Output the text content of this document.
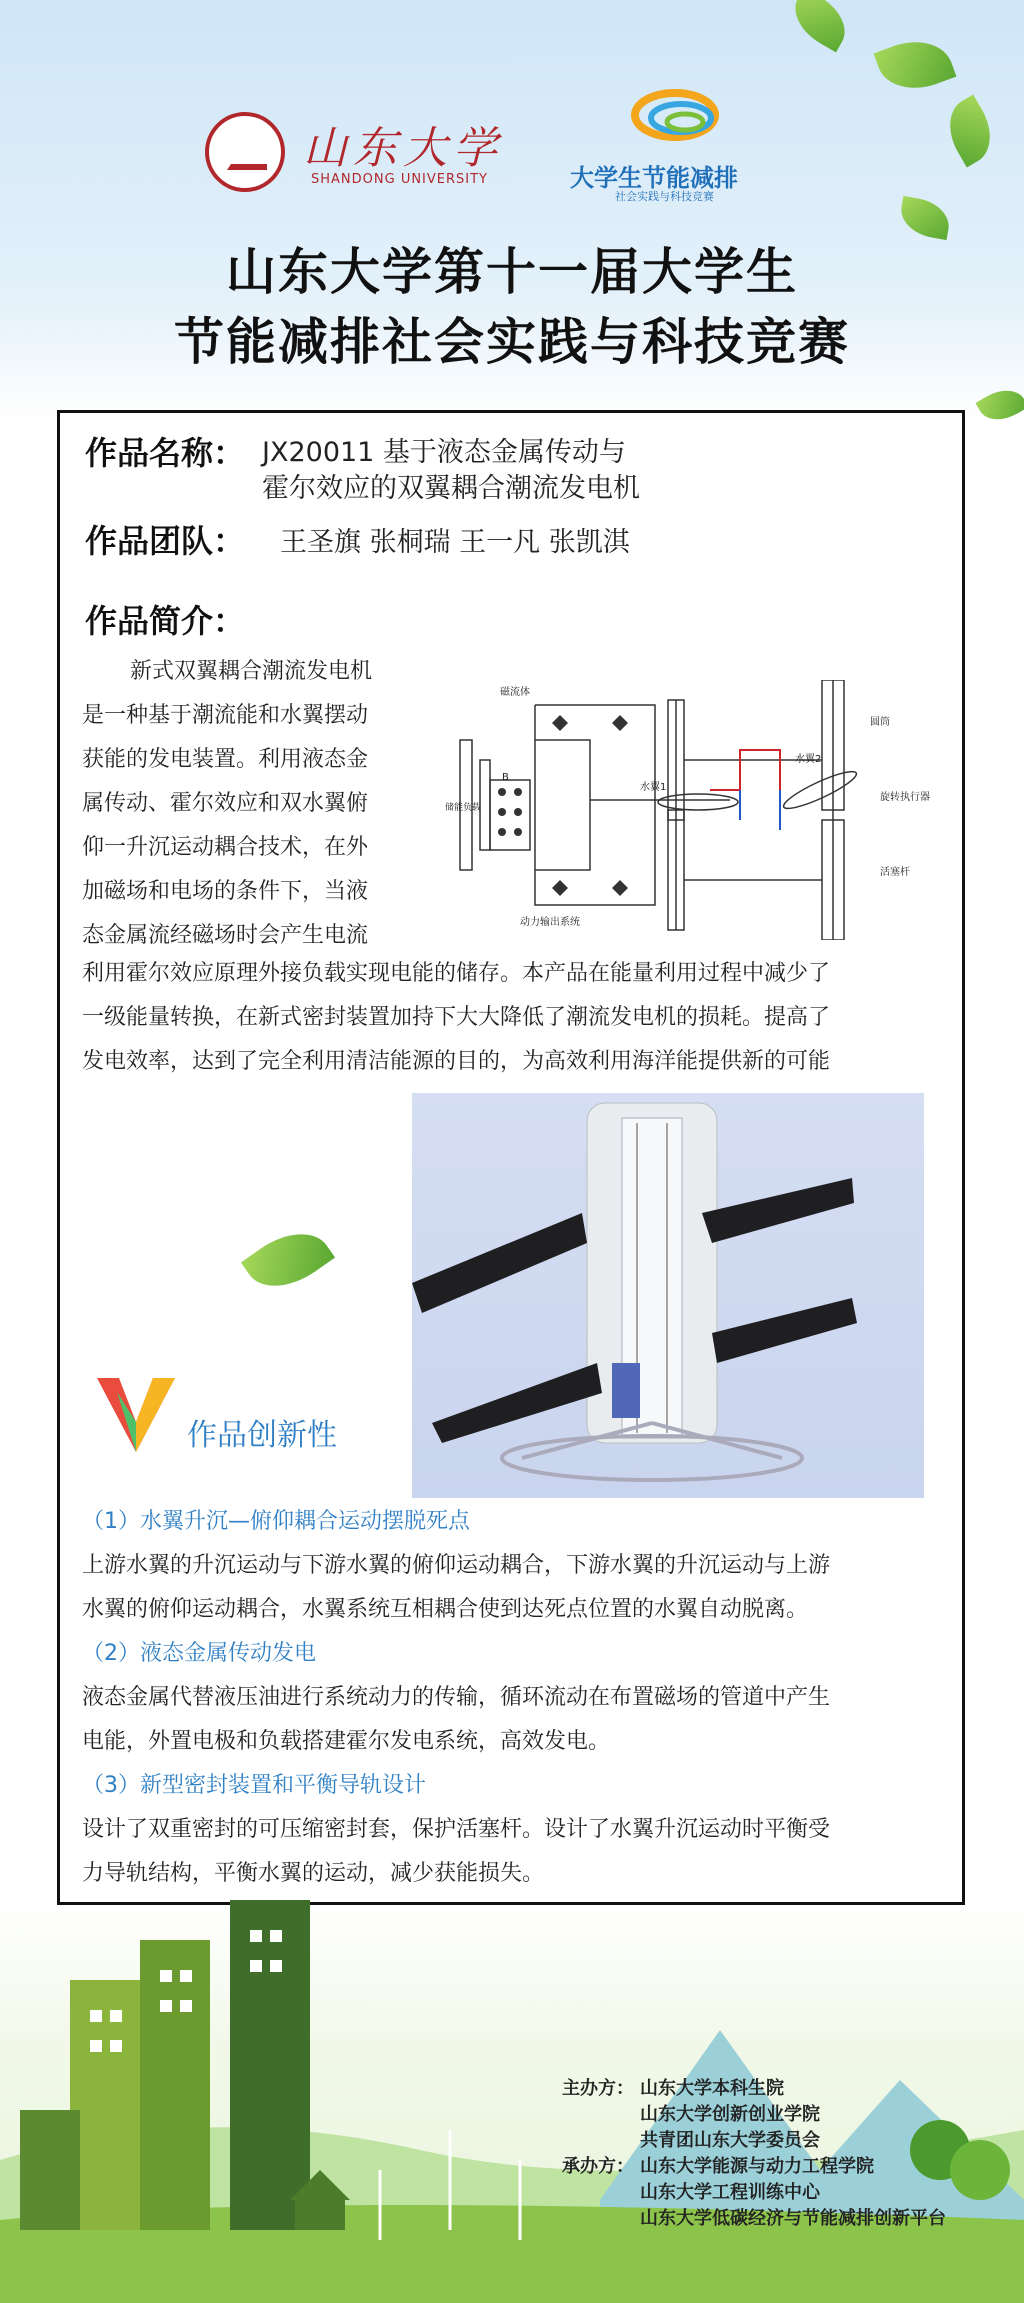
山东大学
SHANDONG UNIVERSITY	大学生节能减排
社会实践与科技竞赛
山东大学第十一届大学生
节能减排社会实践与科技竞赛
作品名称： JX20011 基于液态金属传动与
霍尔效应的双翼耦合潮流发电机
作品团队： 王圣旗 张桐瑞 王一凡 张凯淇
作品简介：
新式双翼耦合潮流发电机
是一种基于潮流能和水翼摆动
获能的发电装置。利用液态金
属传动、霍尔效应和双水翼俯
仰一升沉运动耦合技术，在外
加磁场和电场的条件下，当液
态金属流经磁场时会产生电流
磁流体
B
储能负载
动力输出系统
水翼1
水翼2
圆筒
旋转执行器
活塞杆
利用霍尔效应原理外接负载实现电能的储存。本产品在能量利用过程中减少了
一级能量转换，在新式密封装置加持下大大降低了潮流发电机的损耗。提高了
发电效率，达到了完全利用清洁能源的目的，为高效利用海洋能提供新的可能
作品创新性
（1）水翼升沉—俯仰耦合运动摆脱死点
上游水翼的升沉运动与下游水翼的俯仰运动耦合，下游水翼的升沉运动与上游
水翼的俯仰运动耦合，水翼系统互相耦合使到达死点位置的水翼自动脱离。
（2）液态金属传动发电
液态金属代替液压油进行系统动力的传输，循环流动在布置磁场的管道中产生
电能，外置电极和负载搭建霍尔发电系统，高效发电。
（3）新型密封装置和平衡导轨设计
设计了双重密封的可压缩密封套，保护活塞杆。设计了水翼升沉运动时平衡受
力导轨结构，平衡水翼的运动，减少获能损失。
主办方： 山东大学本科生院
山东大学创新创业学院
共青团山东大学委员会
承办方： 山东大学能源与动力工程学院
山东大学工程训练中心
山东大学低碳经济与节能减排创新平台
